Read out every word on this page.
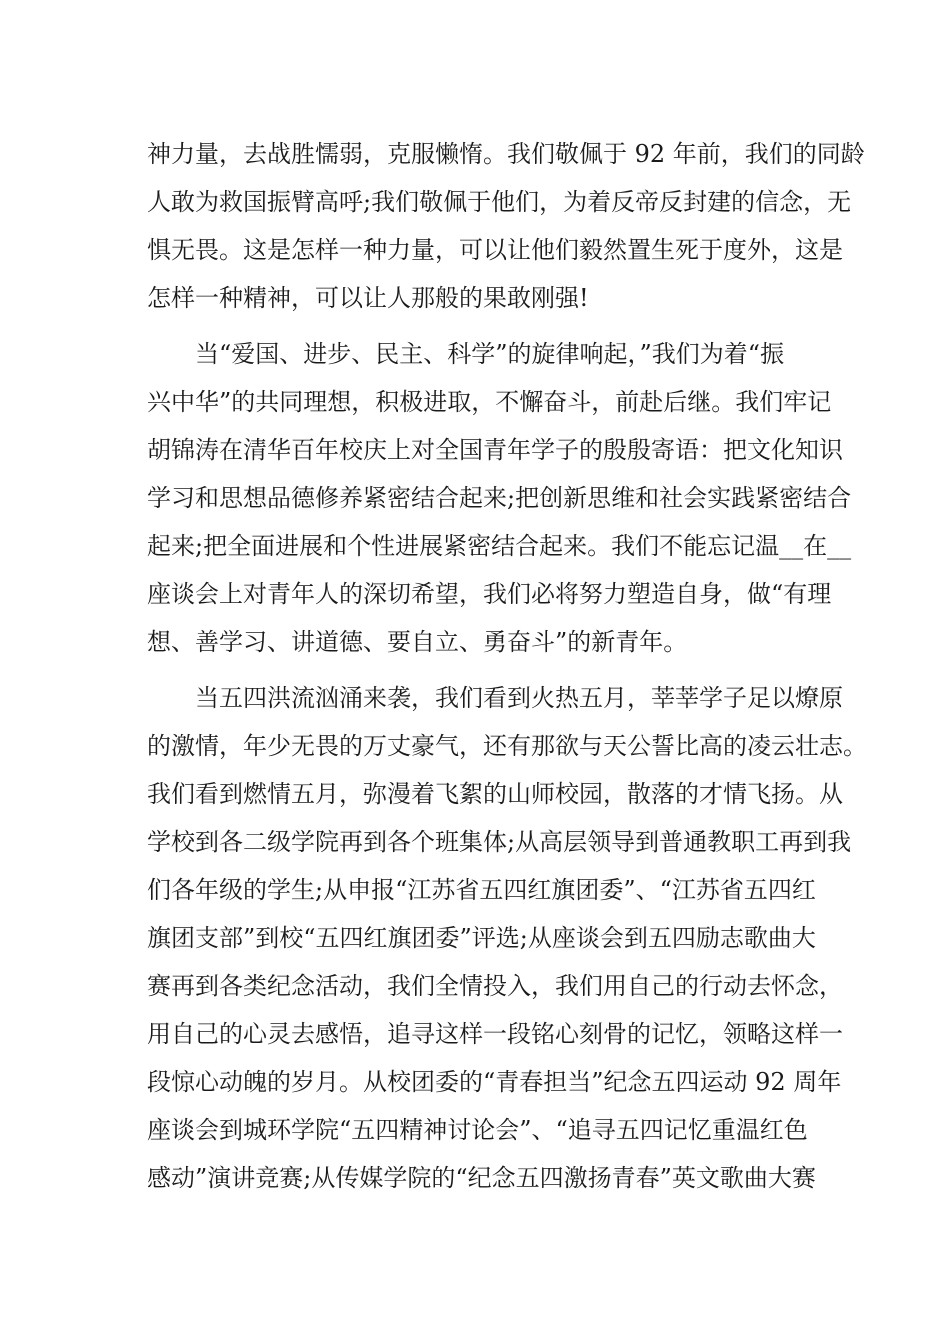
神力量，去战胜懦弱，克服懒惰。我们敬佩于 92 年前，我们的同龄
人敢为救国振臂高呼;我们敬佩于他们，为着反帝反封建的信念，无
惧无畏。这是怎样一种力量，可以让他们毅然置生死于度外，这是
怎样一种精神，可以让人那般的果敢刚强!
当“爱国、进步、民主、科学”的旋律响起，”我们为着“振
兴中华”的共同理想，积极进取，不懈奋斗，前赴后继。我们牢记
胡锦涛在清华百年校庆上对全国青年学子的殷殷寄语：把文化知识
学习和思想品德修养紧密结合起来;把创新思维和社会实践紧密结合
起来;把全面进展和个性进展紧密结合起来。我们不能忘记温__在__
座谈会上对青年人的深切希望，我们必将努力塑造自身，做“有理
想、善学习、讲道德、要自立、勇奋斗”的新青年。
当五四洪流汹涌来袭，我们看到火热五月，莘莘学子足以燎原
的激情，年少无畏的万丈豪气，还有那欲与天公誓比高的凌云壮志。
我们看到燃情五月，弥漫着飞絮的山师校园，散落的才情飞扬。从
学校到各二级学院再到各个班集体;从高层领导到普通教职工再到我
们各年级的学生;从申报“江苏省五四红旗团委”、“江苏省五四红
旗团支部”到校“五四红旗团委”评选;从座谈会到五四励志歌曲大
赛再到各类纪念活动，我们全情投入，我们用自己的行动去怀念，
用自己的心灵去感悟，追寻这样一段铭心刻骨的记忆，领略这样一
段惊心动魄的岁月。从校团委的“青春担当”纪念五四运动 92 周年
座谈会到城环学院“五四精神讨论会”、“追寻五四记忆重温红色
感动”演讲竞赛;从传媒学院的“纪念五四激扬青春”英文歌曲大赛
